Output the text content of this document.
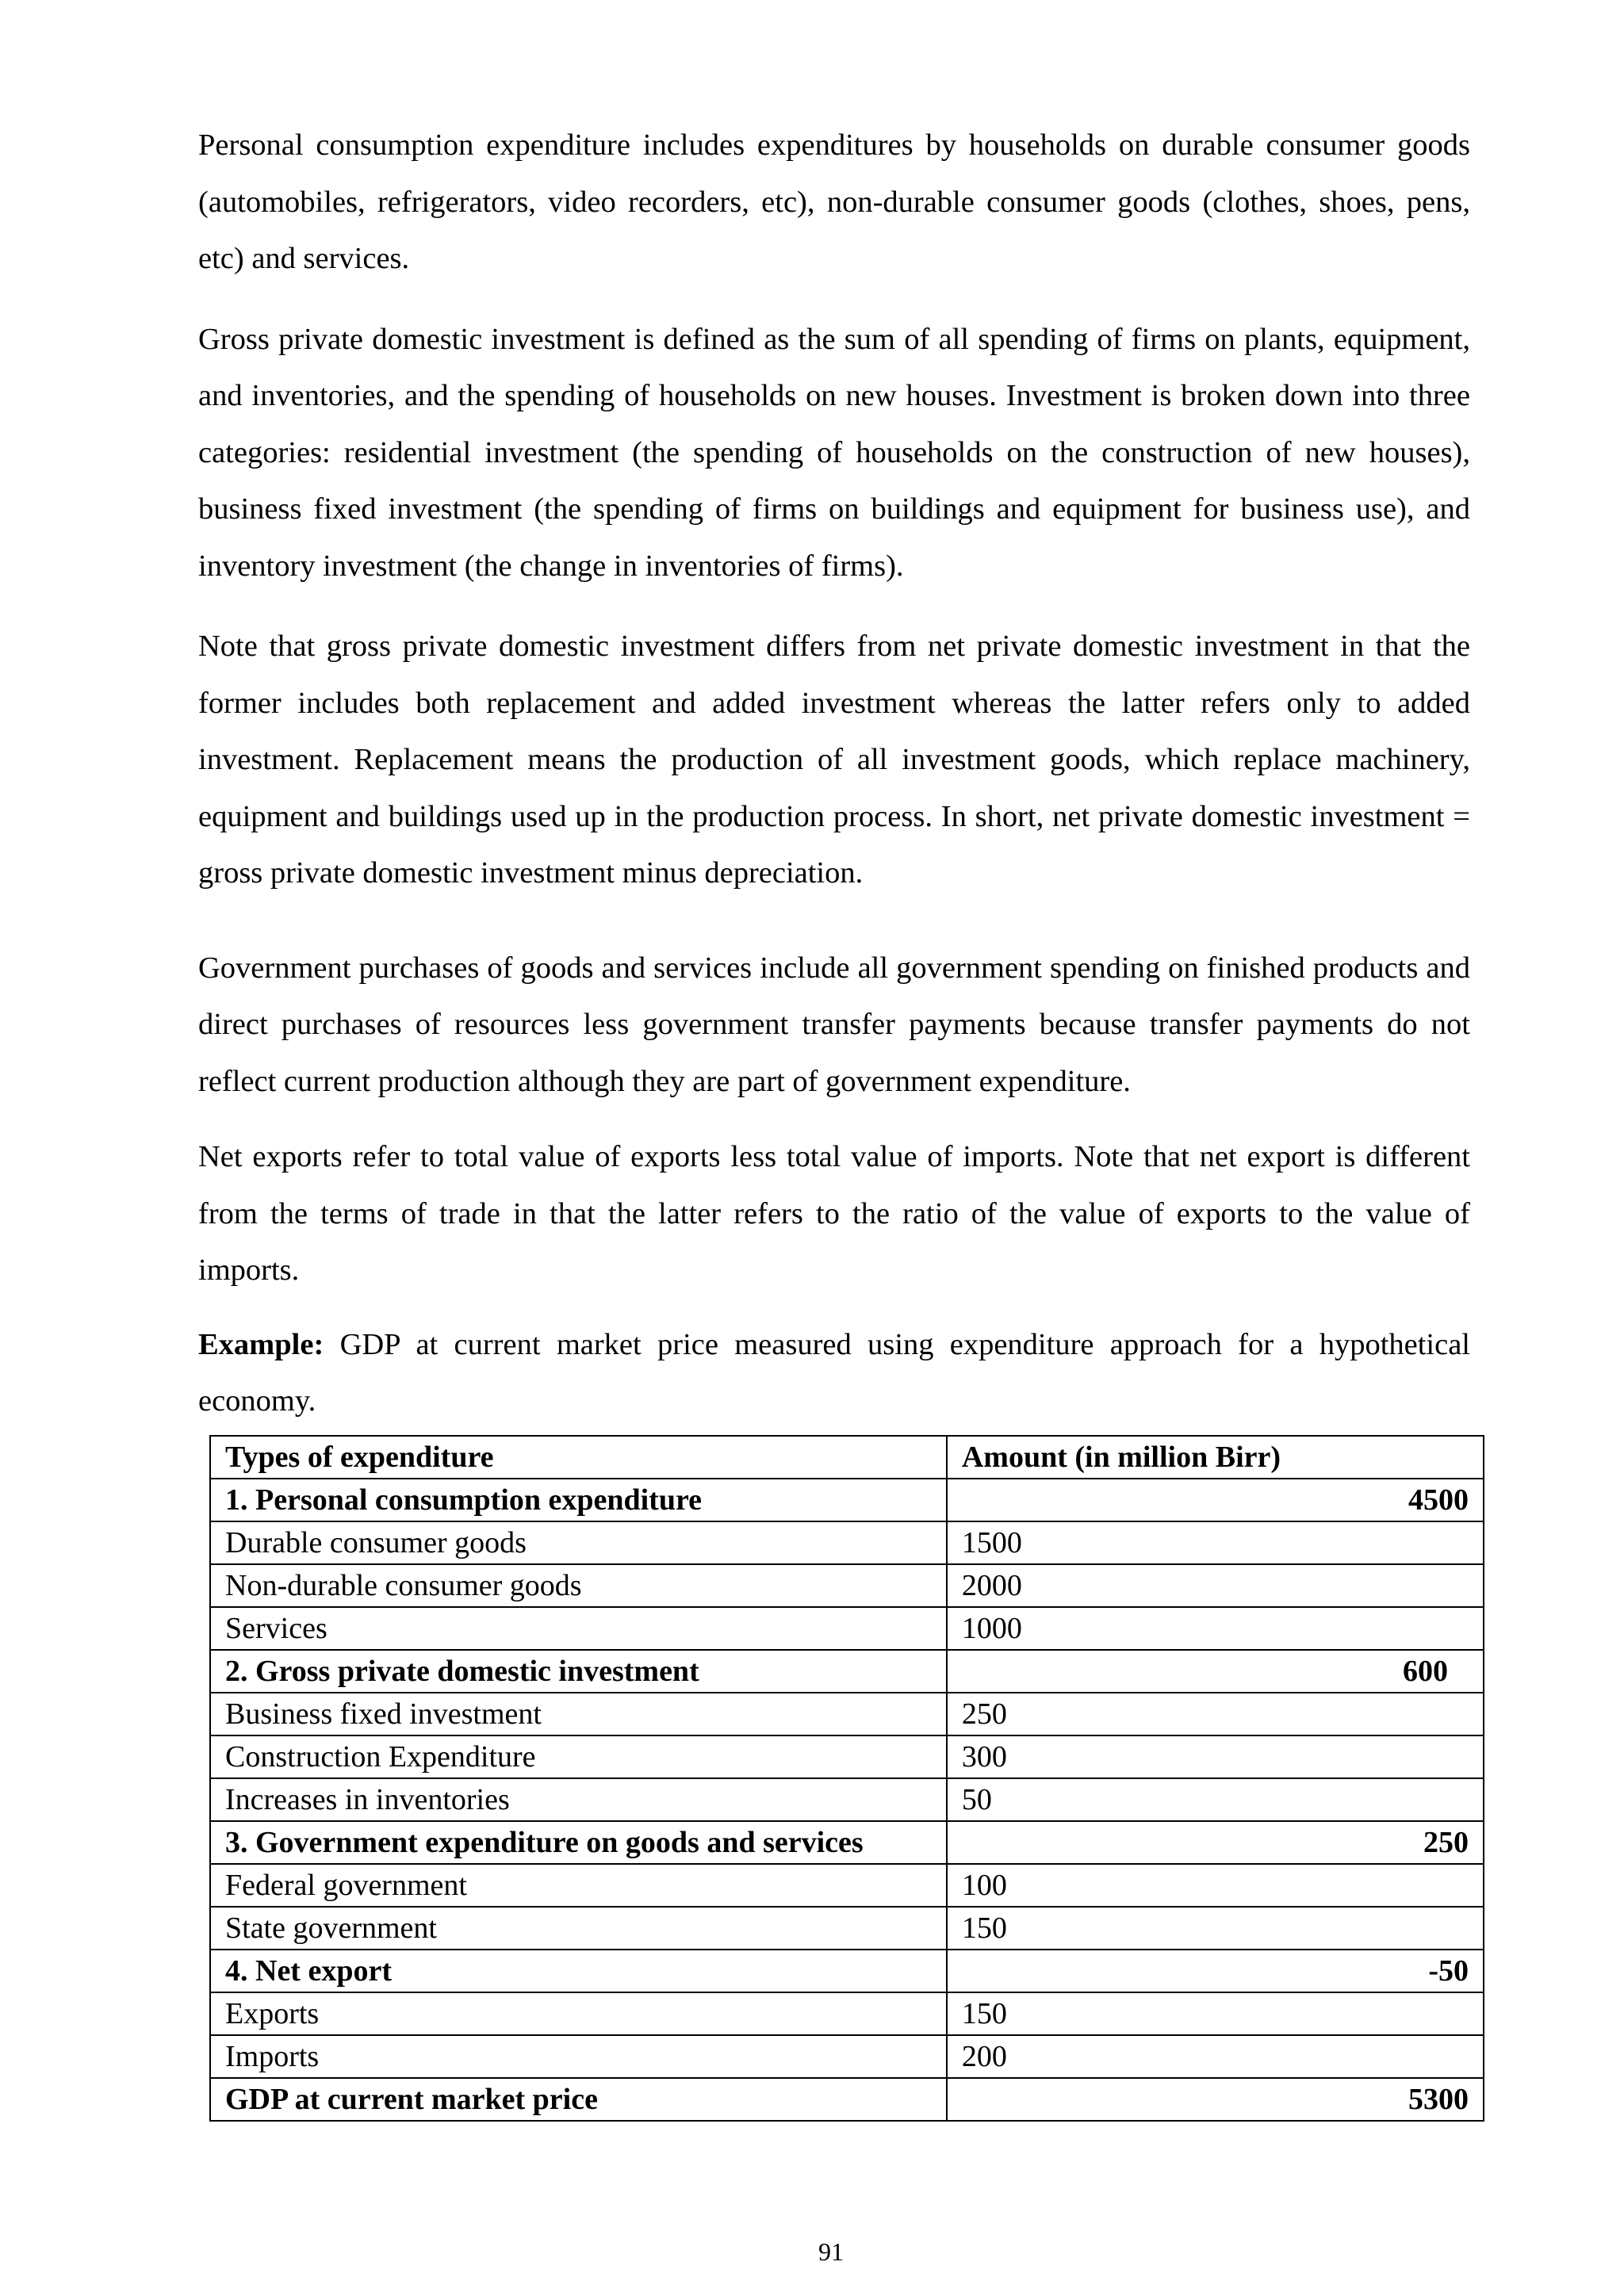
Personal consumption expenditure includes expenditures by households on durable consumer goods (automobiles, refrigerators, video recorders, etc), non-durable consumer goods (clothes, shoes, pens, etc) and services.

Gross private domestic investment is defined as the sum of all spending of firms on plants, equipment, and inventories, and the spending of households on new houses. Investment is broken down into three categories: residential investment (the spending of households on the construction of new houses), business fixed investment (the spending of firms on buildings and equipment for business use), and inventory investment (the change in inventories of firms).

Note that gross private domestic investment differs from net private domestic investment in that the former includes both replacement and added investment whereas the latter refers only to added investment. Replacement means the production of all investment goods, which replace machinery, equipment and buildings used up in the production process. In short, net private domestic investment = gross private domestic investment minus depreciation.

Government purchases of goods and services include all government spending on finished products and direct purchases of resources less government transfer payments because transfer payments do not reflect current production although they are part of government expenditure.

Net exports refer to total value of exports less total value of imports. Note that net export is different from the terms of trade in that the latter refers to the ratio of the value of exports to the value of imports.

Example: GDP at current market price measured using expenditure approach for a hypothetical economy.

Types of expenditure	Amount (in million Birr)
1. Personal consumption expenditure	4500
Durable consumer goods	1500
Non-durable consumer goods	2000
Services	1000
2. Gross private domestic investment	600
Business fixed investment	250
Construction Expenditure	300
Increases in inventories	50
3. Government expenditure on goods and services	250
Federal government	100
State government	150
4. Net export	-50
Exports	150
Imports	200
GDP at current market price	5300
91
